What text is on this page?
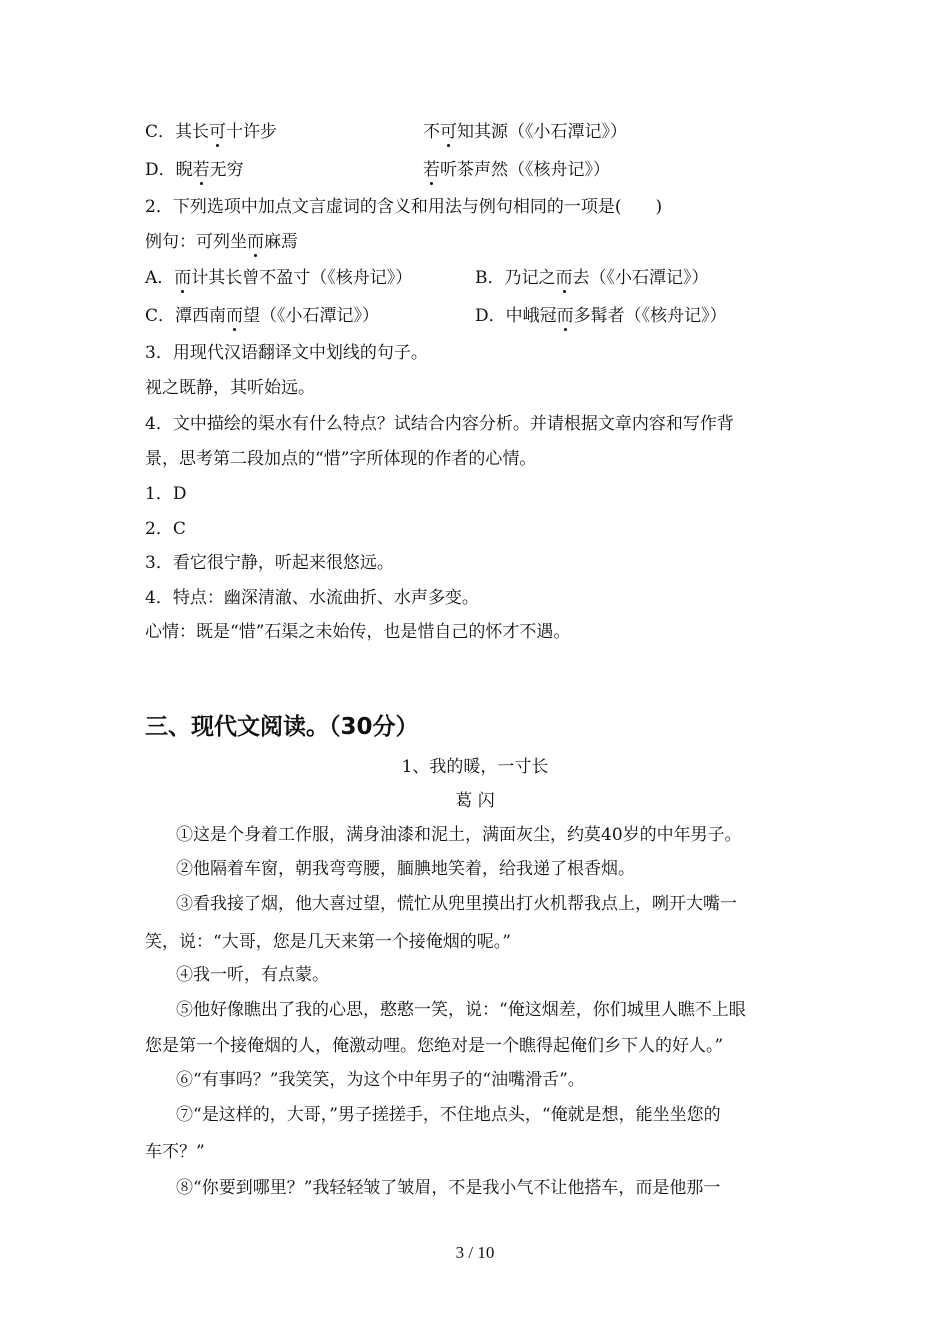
C．其长可十许步	不可知其源（《小石潭记》）
D．睨若无穷	若听茶声然（《核舟记》）
2．下列选项中加点文言虚词的含义和用法与例句相同的一项是(　　)
例句：可列坐而麻焉
A．而计其长曾不盈寸（《核舟记》）	B．乃记之而去（《小石潭记》）
C．潭西南而望（《小石潭记》）	D．中峨冠而多髯者（《核舟记》）
3．用现代汉语翻译文中划线的句子。
视之既静，其听始远。
4．文中描绘的渠水有什么特点？试结合内容分析。并请根据文章内容和写作背
景，思考第二段加点的“惜”字所体现的作者的心情。
1．D
2．C
3．看它很宁静，听起来很悠远。
4．特点：幽深清澈、水流曲折、水声多变。
心情：既是“惜”石渠之未始传，也是惜自己的怀才不遇。
三、现代文阅读。（30分）
1、我的暖，一寸长
葛 闪
①这是个身着工作服，满身油漆和泥土，满面灰尘，约莫40岁的中年男子。
②他隔着车窗，朝我弯弯腰，腼腆地笑着，给我递了根香烟。
③看我接了烟，他大喜过望，慌忙从兜里摸出打火机帮我点上，咧开大嘴一
笑，说：“大哥，您是几天来第一个接俺烟的呢。”
④我一听，有点蒙。
⑤他好像瞧出了我的心思，憨憨一笑，说：“俺这烟差，你们城里人瞧不上眼
您是第一个接俺烟的人，俺激动哩。您绝对是一个瞧得起俺们乡下人的好人。”
⑥“有事吗？”我笑笑，为这个中年男子的“油嘴滑舌”。
⑦“是这样的，大哥，”男子搓搓手，不住地点头，“俺就是想，能坐坐您的
车不？”
⑧“你要到哪里？”我轻轻皱了皱眉，不是我小气不让他搭车，而是他那一
3 / 10
